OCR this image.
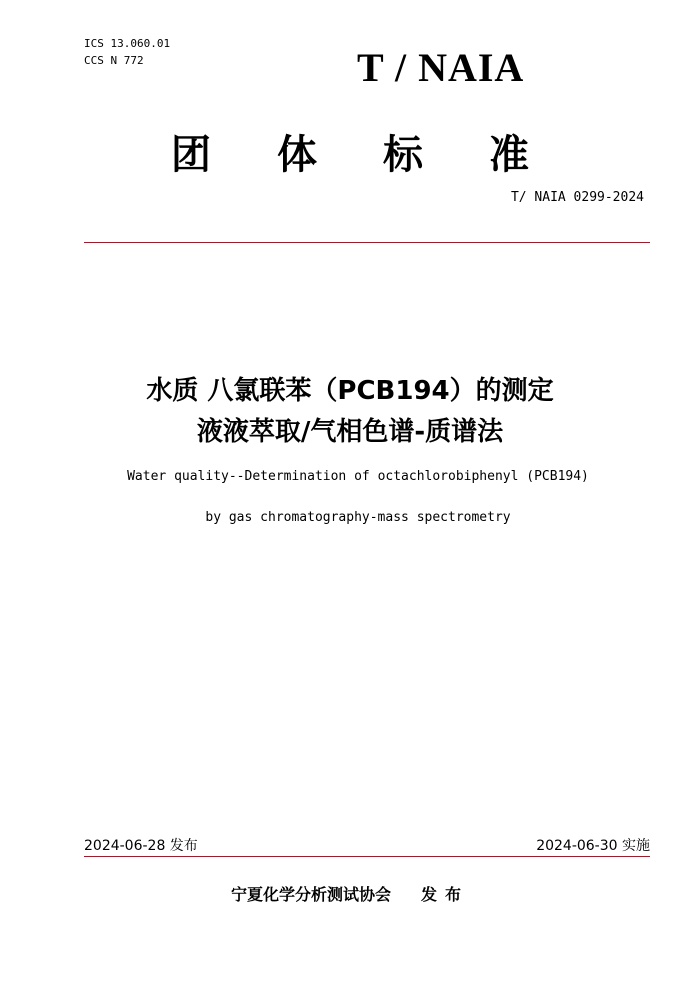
ICS 13.060.01
CCS N 772	T / NAIA
团体标准
T/ NAIA 0299-2024
水质 八氯联苯（PCB194）的测定
液液萃取/气相色谱-质谱法
Water quality--Determination of octachlorobiphenyl (PCB194)
by gas chromatography-mass spectrometry
2024-06-28 发布	2024-06-30 实施
宁夏化学分析测试协会 发布
